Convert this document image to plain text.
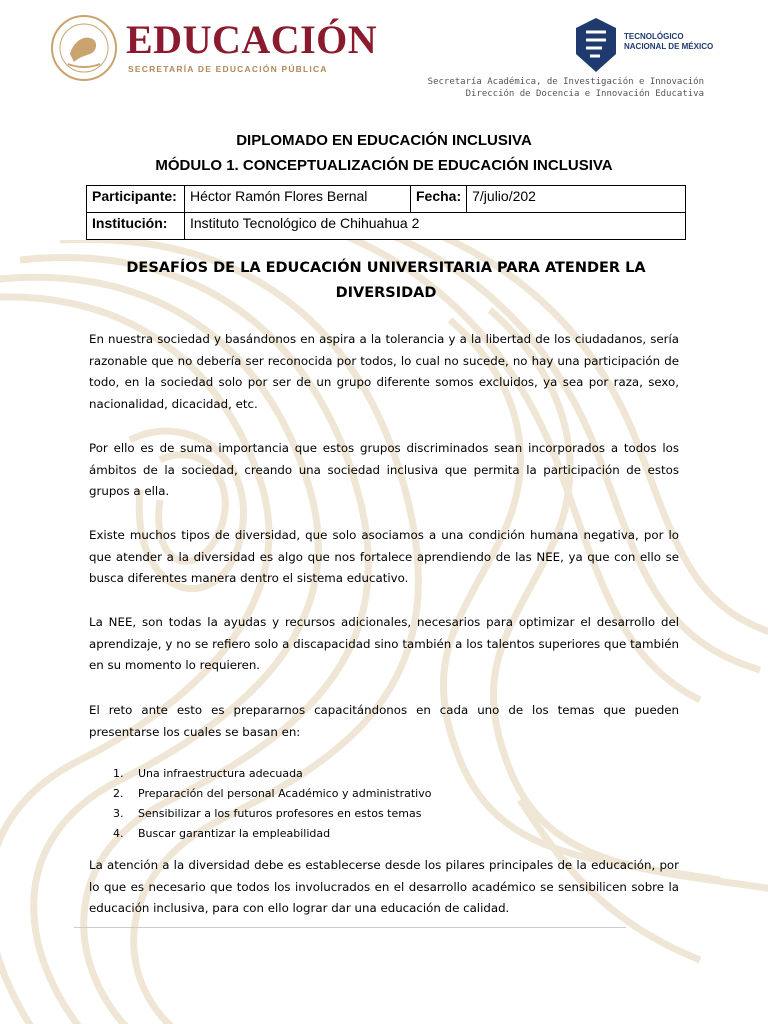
EDUCACIÓN
SECRETARÍA DE EDUCACIÓN PÚBLICA
TECNOLÓGICO
NACIONAL DE MÉXICO
Secretaría Académica, de Investigación e Innovación
Dirección de Docencia e Innovación Educativa
DIPLOMADO EN EDUCACIÓN INCLUSIVA
MÓDULO 1. CONCEPTUALIZACIÓN DE EDUCACIÓN INCLUSIVA
Participante:	Héctor Ramón Flores Bernal	Fecha:	7/julio/202
Institución:	Instituto Tecnológico de Chihuahua 2		
DESAFÍOS DE LA EDUCACIÓN UNIVERSITARIA PARA ATENDER LA DIVERSIDAD
En nuestra sociedad y basándonos en aspira a la tolerancia y a la libertad de los ciudadanos, sería razonable que no debería ser reconocida por todos, lo cual no sucede, no hay una participación de todo, en la sociedad solo por ser de un grupo diferente somos excluidos, ya sea por raza, sexo, nacionalidad, dicacidad, etc.
Por ello es de suma importancia que estos grupos discriminados sean incorporados a todos los ámbitos de la sociedad, creando una sociedad inclusiva que permita la participación de estos grupos a ella.
Existe muchos tipos de diversidad, que solo asociamos a una condición humana negativa, por lo que atender a la diversidad es algo que nos fortalece aprendiendo de las NEE, ya que con ello se busca diferentes manera dentro el sistema educativo.
La NEE, son todas la ayudas y recursos adicionales, necesarios para optimizar el desarrollo del aprendizaje, y no se refiero solo a discapacidad sino también a los talentos superiores que también en su momento lo requieren.
El reto ante esto es prepararnos capacitándonos en cada uno de los temas que pueden presentarse los cuales se basan en:
1.	Una infraestructura adecuada
2.	Preparación del personal Académico y administrativo
3.	Sensibilizar a los futuros profesores en estos temas
4.	Buscar garantizar la empleabilidad
La atención a la diversidad debe es establecerse desde los pilares principales de la educación, por lo que es necesario que todos los involucrados en el desarrollo académico se sensibilicen sobre la educación inclusiva, para con ello lograr dar una educación de calidad.
